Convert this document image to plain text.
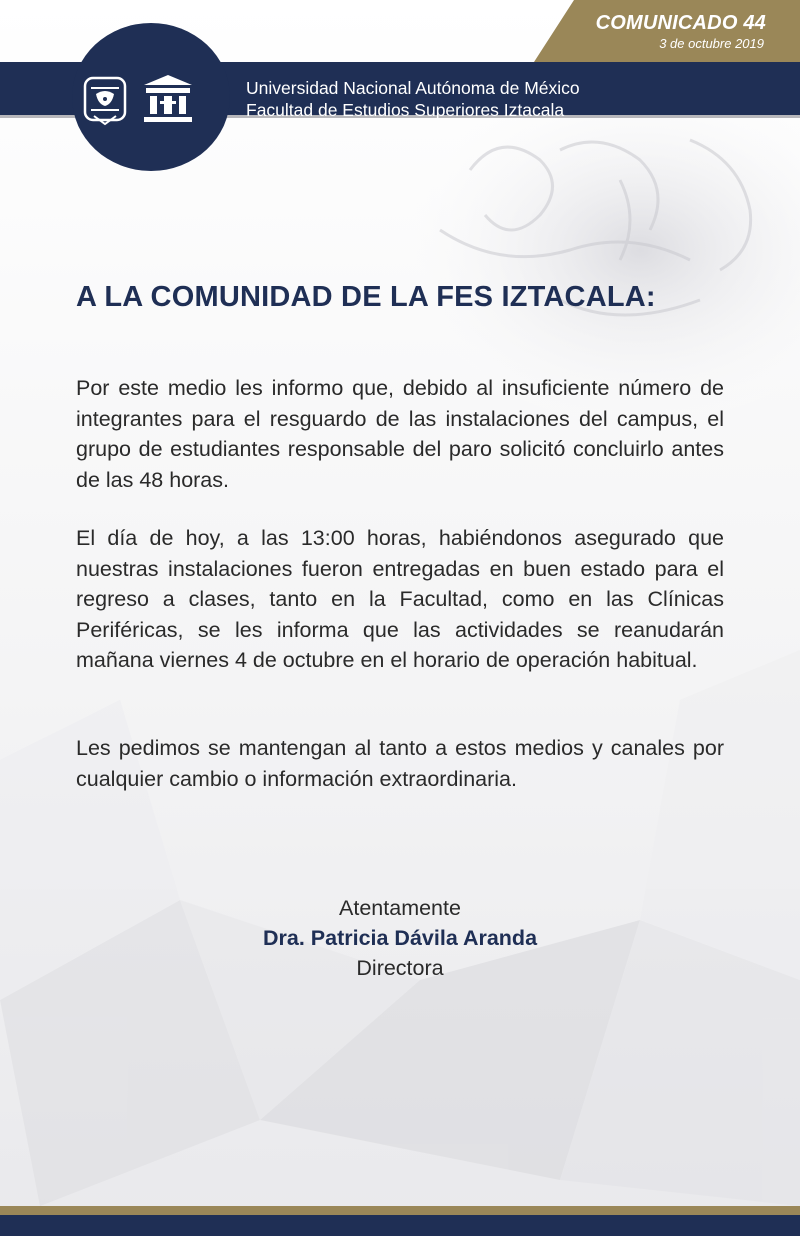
COMUNICADO 44
3 de octubre 2019
Universidad Nacional Autónoma de México
Facultad de Estudios Superiores Iztacala
A LA COMUNIDAD DE LA FES IZTACALA:
Por este medio les informo que, debido al insuficiente número de integrantes para el resguardo de las instalaciones del campus, el grupo de estudiantes responsable del paro solicitó concluirlo antes de las 48 horas.
El día de hoy, a las 13:00 horas, habiéndonos asegurado que nuestras instalaciones fueron entregadas en buen estado para el regreso a clases, tanto en la Facultad, como en las Clínicas Periféricas, se les informa que las actividades se reanudarán mañana viernes 4 de octubre en el horario de operación habitual.
Les pedimos se mantengan al tanto a estos medios y canales por cualquier cambio o información extraordinaria.
Atentamente
Dra. Patricia Dávila Aranda
Directora
